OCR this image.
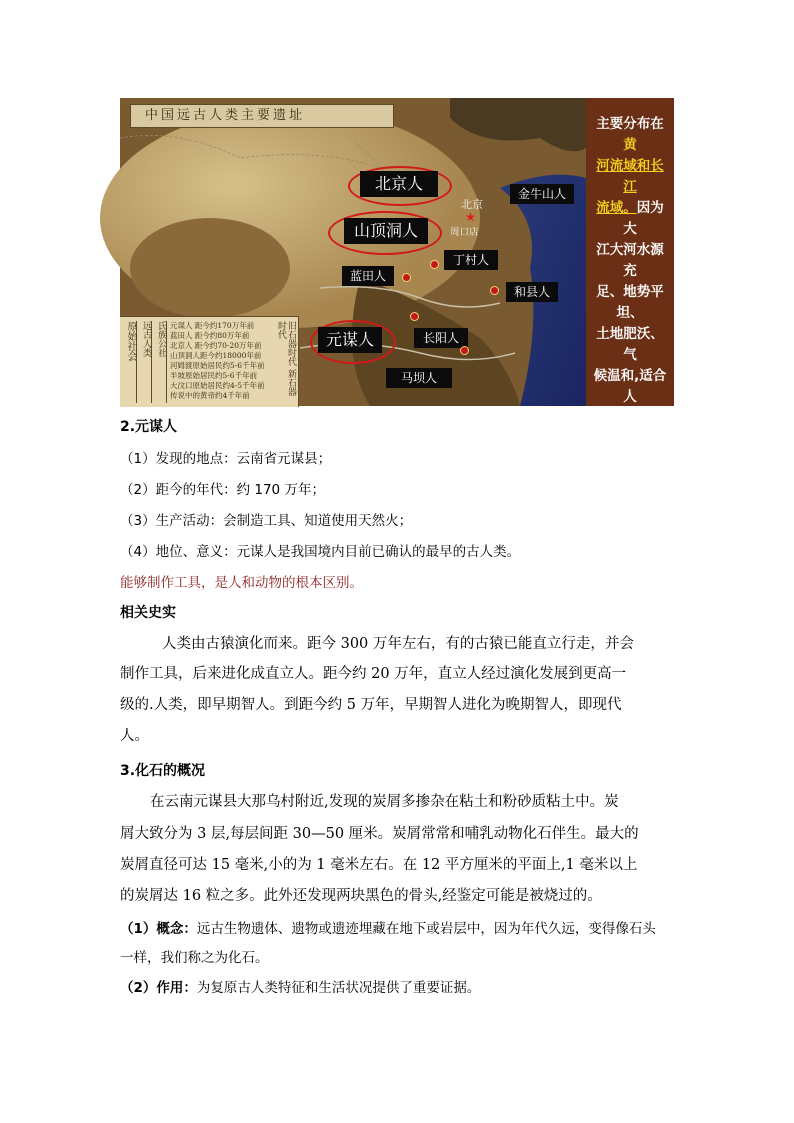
中国远古人类主要遗址
北京人
山顶洞人
元谋人
金牛山人
丁村人
蓝田人
和县人
长阳人
马坝人
北京
★
周口店
原始社会 远古人类 氏族公社 元谋人 距今约170万年前
蓝田人 距今约80万年前
北京人 距今约70-20万年前
山顶洞人距今约18000年前
河姆渡原始居民约5-6千年前
半坡原始居民约5-6千年前
大汶口原始居民约4-5千年前
传说中的黄帝约4千年前	旧石器时代 新石器时代
主要分布在黄
河流域和长江
流域。因为大
江大河水源充
足、地势平坦、
土地肥沃、气
候温和,适合人
类生存,能够满
足人们生存的
基本需要。
2.元谋人
（1）发现的地点：云南省元谋县；
（2）距今的年代：约 170 万年；
（3）生产活动：会制造工具、知道使用天然火；
（4）地位、意义：元谋人是我国境内目前已确认的最早的古人类。
能够制作工具，是人和动物的根本区别。
相关史实
人类由古猿演化而来。距今 300 万年左右，有的古猿已能直立行走，并会
制作工具，后来进化成直立人。距今约 20 万年，直立人经过演化发展到更高一
级的.人类，即早期智人。到距今约 5 万年，早期智人进化为晚期智人，即现代
人。
3.化石的概况
在云南元谋县大那乌村附近,发现的炭屑多掺杂在粘土和粉砂质粘土中。炭
屑大致分为 3 层,每层间距 30—50 厘米。炭屑常常和哺乳动物化石伴生。最大的
炭屑直径可达 15 毫米,小的为 1 毫米左右。在 12 平方厘米的平面上,1 毫米以上
的炭屑达 16 粒之多。此外还发现两块黑色的骨头,经鉴定可能是被烧过的。
（1）概念：远古生物遗体、遗物或遗迹埋藏在地下或岩层中，因为年代久远，变得像石头
一样，我们称之为化石。
（2）作用：为复原古人类特征和生活状况提供了重要证据。
